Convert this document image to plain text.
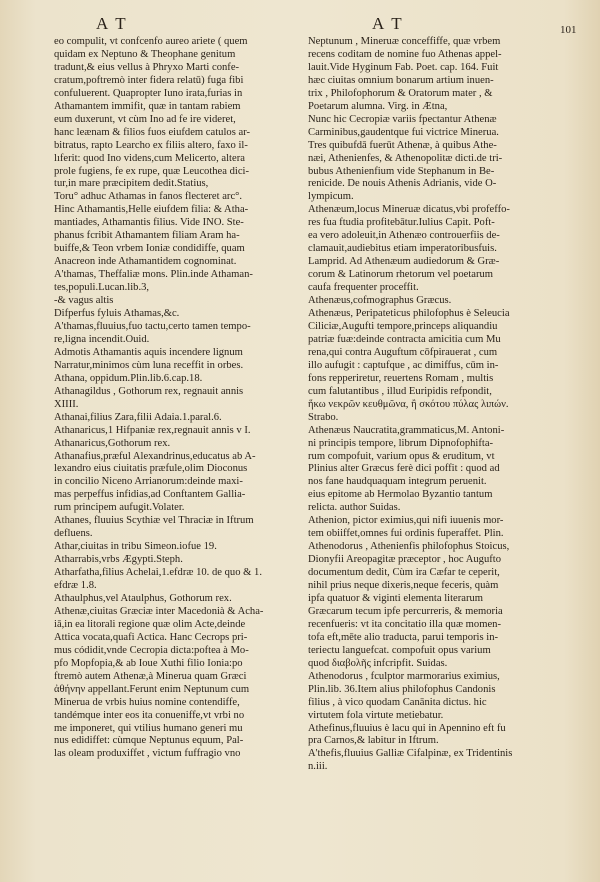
A T	A T	101

eo compulit, vt confcenfo aureo ariete ( quem

quidam ex Neptuno & Theophane genitum

tradunt,& eius vellus à Phryxo Marti confe-

cratum,poftremò inter fidera relatū) fuga fibi

confuluerent. Quapropter Iuno irata,furias in

Athamantem immifit, quæ in tantam rabiem

eum duxerunt, vt cùm Ino ad fe ire videret,

hanc leænam & filios fuos eiufdem catulos ar-

bitratus, rapto Learcho ex filiis altero, faxo il-

lıferit: quod Ino videns,cum Melicerto, altera

prole fugiens, fe ex rupe, quæ Leucothea dici-

tur,in mare præcipitem dedit.Statius,

Toru° adhuc Athamas in fanos flecteret arc°.

Hinc Athamantis,Helle eiufdem filia: & Atha-

mantiades, Athamantis filius. Vide INO. Ste-

phanus fcribit Athamantem filiam Aram ha-

buiffe,& Teon vrbem Ioniæ condidiffe, quam

Anacreon inde Athamantidem cognominat.

A'thamas, Theffaliæ mons. Plin.inde Athaman-

tes,populi.Lucan.lib.3,

-& vagus altis

Difperfus fyluis Athamas,&c.

A'thamas,fluuius,fuo tactu,certo tamen tempo-

re,ligna incendit.Ouid.

Admotis Athamantis aquis incendere lignum

Narratur,minimos cùm luna receffit in orbes.

Athana, oppidum.Plin.lib.6.cap.18.

Athanagildus , Gothorum rex, regnauit annis

XIIII.

Athanai,filius Zara,filii Adaia.1.paral.6.

Athanaricus,1 Hifpaniæ rex,regnauit annis v I.

Athanaricus,Gothorum rex.

Athanafius,præful Alexandrinus,educatus ab A-

lexandro eius ciuitatis præfule,olim Dioconus

in concilio Niceno Arrianorum:deinde maxi-

mas perpeffus infidias,ad Conftantem Gallia-

rum principem aufugit.Volater.

Athanes, fluuius Scythiæ vel Thraciæ in Iftrum

defluens.

Athar,ciuitas in tribu Simeon.iofue 19.

Atharrabis,vrbs Ægypti.Steph.

Atharfatha,filius Achelai,1.efdræ 10. de quo & 1.

efdræ 1.8.

Athaulphus,vel Ataulphus, Gothorum rex.

Athenæ,ciuitas Græciæ inter Macedonià & Acha-

iā,in ea litorali regione quæ olim Acte,deinde

Attica vocata,quafi Actica. Hanc Cecrops pri-

mus códidit,vnde Cecropia dicta:poftea à Mo-

pfo Mopfopia,& ab Ioue Xuthi filio Ionia:po

ftremò autem Athenæ,à Minerua quam Græci

ἀθήνην appellant.Ferunt enim Neptunum cum

Minerua de vrbis huius nomine contendiffe,

tandémque inter eos ita conueniffe,vt vrbi no

me imponeret, qui vtilius humano generi mu

nus edidiffet: cùmque Neptunus equum, Pal-

las oleam produxiffet , victum fuffragio vno

Neptunum , Mineruæ conceffiffe, quæ vrbem

recens coditam de nomine fuo Athenas appel-

lauit.Vide Hyginum Fab. Poet. cap. 164. Fuit

hæc ciuitas omnium bonarum artium inuen-

trix , Philofophorum & Oratorum mater , &

Poetarum alumna. Virg. in Ætna,

Nunc hic Cecropiæ variis fpectantur Athenæ

Carminibus,gaudentque fui victrice Minerua.

Tres quibufdā fuerūt Athenæ, à quibus Athe-

næi, Athenienfes, & Athenopolitæ dicti.de tri-

bubus Athenienfium vide Stephanum in Be-

renicide. De nouis Athenis Adrianis, vide O-

lympicum.

Athenæum,locus Mineruæ dicatus,vbi profeffo-

res fua ftudia profitebātur.Iulius Capit. Poft-

ea vero adoleuit,in Athenæo controuerfiis de-

clamauit,audiebitus etiam imperatoribusfuis.

Lamprid. Ad Athenæum audiedorum & Græ-

corum & Latinorum rhetorum vel poetarum

caufa frequenter proceffit.

Athenæus,cofmographus Græcus.

Athenæus, Peripateticus philofophus è Seleucia

Ciliciæ,Augufti tempore,princeps aliquandiu

patriæ fuæ:deinde contracta amicitia cum Mu

rena,qui contra Auguftum cōfpirauerat , cum

illo aufugit : captufque , ac dimiffus, cūm in-

fons repperiretur, reuertens Romam , multis

cum falutantibus , illud Euripidis refpondit,

ἥκω νεκρῶν κευθμῶνα, ἢ σκότου πύλας λιπών.

Strabo.

Athenæus Naucratita,grammaticus,M. Antoni-

ni principis tempore, librum Dipnofophifta-

rum compofuit, varium opus & eruditum, vt

Plinius alter Græcus ferè dici poffit : quod ad

nos fane haudquaquam integrum peruenit.

eius epitome ab Hermolao Byzantio tantum

relicta. author Suidas.

Athenion, pictor eximius,qui nifi iuuenis mor-

tem obiiffet,omnes fui ordinis fuperaffet. Plin.

Athenodorus , Athenienfis philofophus Stoicus,

Dionyfii Areopagitæ præceptor , hoc Augufto

documentum dedit, Cùm ira Cæfar te ceperit,

nihil prius neque dixeris,neque feceris, quàm

ipfa quatuor & viginti elementa literarum

Græcarum tecum ipfe percurreris, & memoria

recenfueris: vt ita concitatio illa quæ momen-

tofa eft,mēte alio traducta, parui temporis in-

teriectu languefcat. compofuit opus varium

quod διαβολῆς infcripfit. Suidas.

Athenodorus , fculptor marmorarius eximius,

Plin.lib. 36.Item alius philofophus Candonis

filius , à vico quodam Canānita dictus. hic

virtutem fola virtute metiebatur.

Athefinus,fluuius è lacu qui in Apennino eft fu

pra Carnos,& labitur in Iftrum.

A'thefis,fluuius Galliæ Cifalpinæ, ex Tridentinis

n.iii.
